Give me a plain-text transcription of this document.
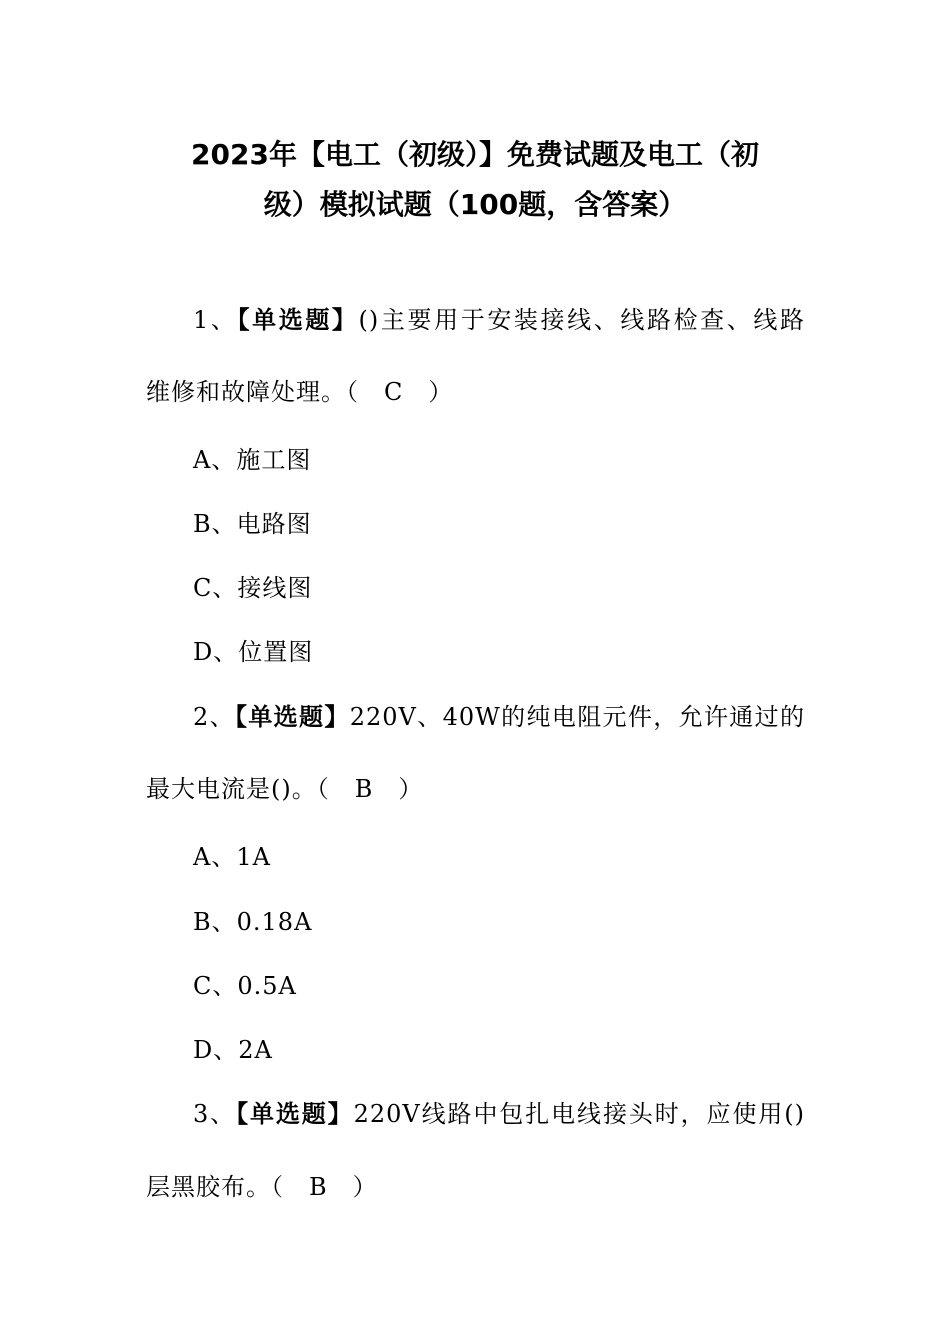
2023年【电工（初级）】免费试题及电工（初
级）模拟试题（100题，含答案）
1、【单选题】()主要用于安装接线、线路检查、线路
维修和故障处理。（　C　）
A、施工图
B、电路图
C、接线图
D、位置图
2、【单选题】220V、40W的纯电阻元件，允许通过的
最大电流是()。（　B　）
A、1A
B、0.18A
C、0.5A
D、2A
3、【单选题】220V线路中包扎电线接头时，应使用()
层黑胶布。（　B　）
